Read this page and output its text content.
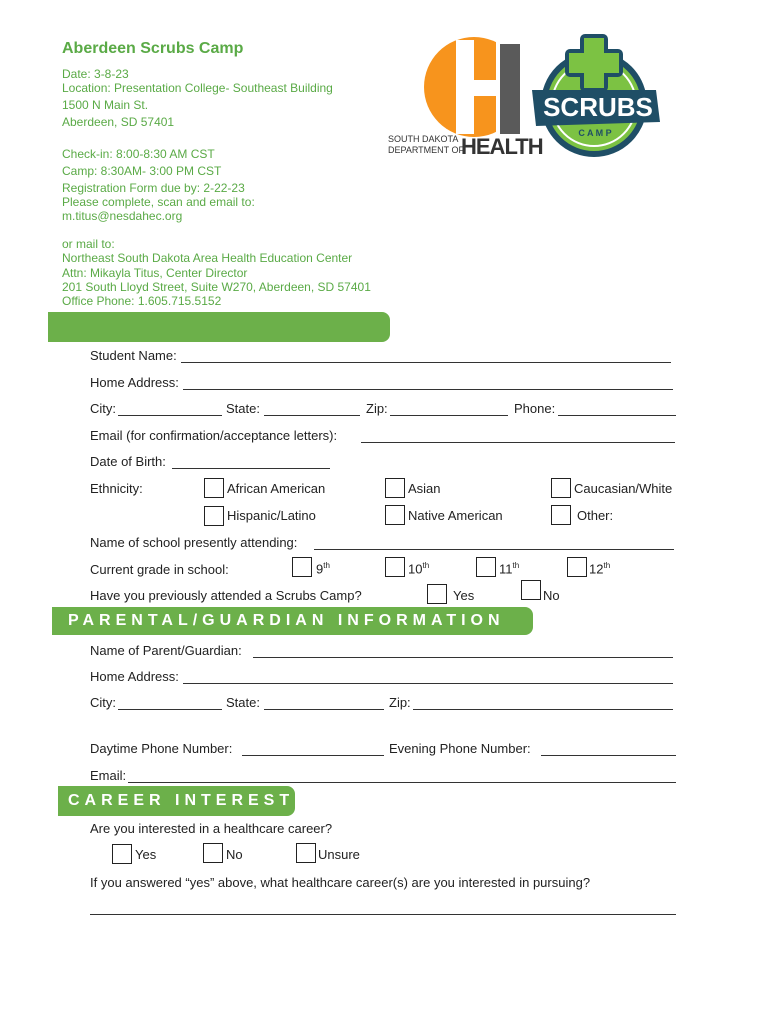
Aberdeen Scrubs Camp
Date: 3-8-23
Location: Presentation College- Southeast Building
1500 N Main St.
Aberdeen, SD 57401
Check-in: 8:00-8:30 AM CST
Camp: 8:30AM- 3:00 PM CST
Registration Form due by: 2-22-23
Please complete, scan and email to:
m.titus@nesdahec.org
or mail to:
Northeast South Dakota Area Health Education Center
Attn: Mikayla Titus, Center Director
201 South Lloyd Street, Suite W270, Aberdeen, SD 57401
Office Phone: 1.605.715.5152
SOUTH DAKOTA
DEPARTMENT OF
HEALTH
SCRUBS
C A M P
Student Name:
Home Address:
City:	State:	Zip:	Phone:
Email (for confirmation/acceptance letters):
Date of Birth:
Ethnicity:	African American	Asian	Caucasian/White
Hispanic/Latino	Native American	Other:
Name of school presently attending:
Current grade in school:	9th	10th	11th	12th
Have you previously attended a Scrubs Camp?	Yes	No
PARENTAL/GUARDIAN INFORMATION
Name of Parent/Guardian:
Home Address:
City:	State:	Zip:
Daytime Phone Number:	Evening Phone Number:
Email:
CAREER INTEREST
Are you interested in a healthcare career?
Yes	No	Unsure
If you answered “yes” above, what healthcare career(s) are you interested in pursuing?
